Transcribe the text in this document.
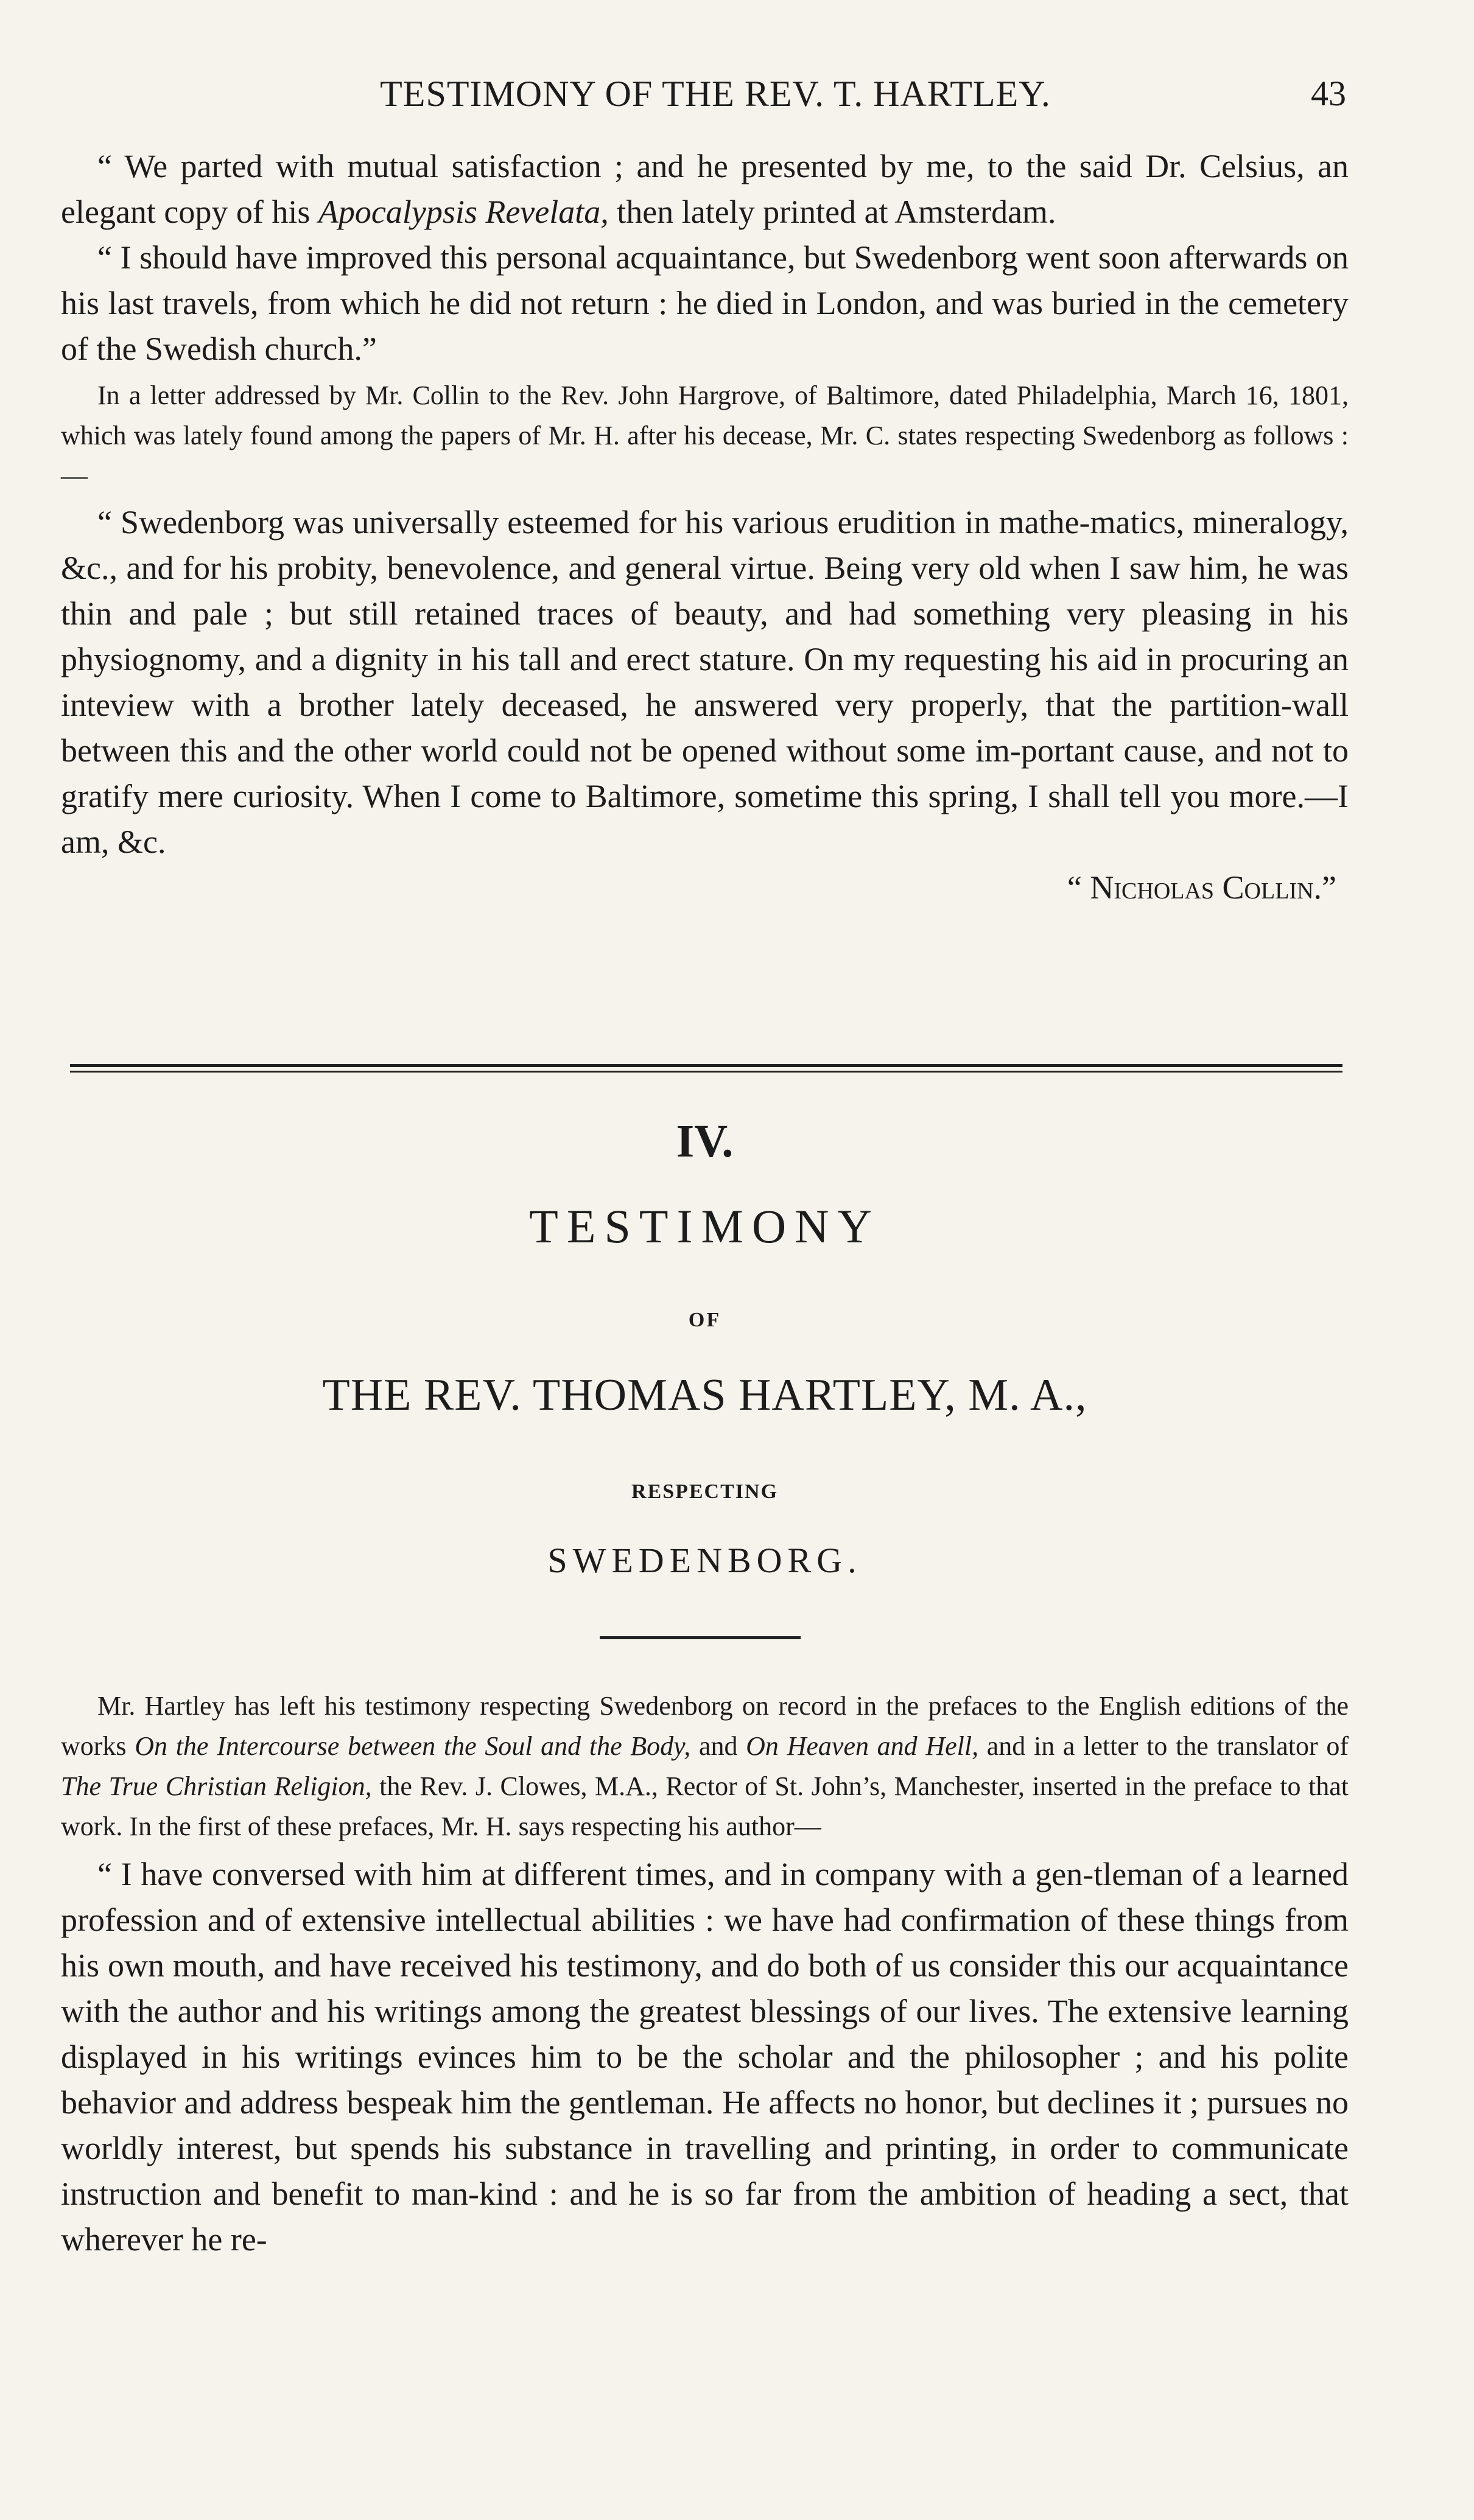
TESTIMONY OF THE REV. T. HARTLEY.	43

“ We parted with mutual satisfaction ; and he presented by me, to the said Dr. Celsius, an elegant copy of his Apocalypsis Revelata, then lately printed at Amsterdam.

“ I should have improved this personal acquaintance, but Swedenborg went soon afterwards on his last travels, from which he did not return : he died in London, and was buried in the cemetery of the Swedish church.”

In a letter addressed by Mr. Collin to the Rev. John Hargrove, of Baltimore, dated Philadelphia, March 16, 1801, which was lately found among the papers of Mr. H. after his decease, Mr. C. states respecting Swedenborg as follows :—

“ Swedenborg was universally esteemed for his various erudition in mathe-matics, mineralogy, &c., and for his probity, benevolence, and general virtue. Being very old when I saw him, he was thin and pale ; but still retained traces of beauty, and had something very pleasing in his physiognomy, and a dignity in his tall and erect stature. On my requesting his aid in procuring an inteview with a brother lately deceased, he answered very properly, that the partition-wall between this and the other world could not be opened without some im-portant cause, and not to gratify mere curiosity. When I come to Baltimore, sometime this spring, I shall tell you more.—I am, &c.

“ Nicholas Collin.”

IV.
TESTIMONY
OF
THE REV. THOMAS HARTLEY, M. A.,
RESPECTING
SWEDENBORG.

Mr. Hartley has left his testimony respecting Swedenborg on record in the prefaces to the English editions of the works On the Intercourse between the Soul and the Body, and On Heaven and Hell, and in a letter to the translator of The True Christian Religion, the Rev. J. Clowes, M.A., Rector of St. John’s, Manchester, inserted in the preface to that work. In the first of these prefaces, Mr. H. says respecting his author—

“ I have conversed with him at different times, and in company with a gen-tleman of a learned profession and of extensive intellectual abilities : we have had confirmation of these things from his own mouth, and have received his testimony, and do both of us consider this our acquaintance with the author and his writings among the greatest blessings of our lives. The extensive learning displayed in his writings evinces him to be the scholar and the philosopher ; and his polite behavior and address bespeak him the gentleman. He affects no honor, but declines it ; pursues no worldly interest, but spends his substance in travelling and printing, in order to communicate instruction and benefit to man-kind : and he is so far from the ambition of heading a sect, that wherever he re-
